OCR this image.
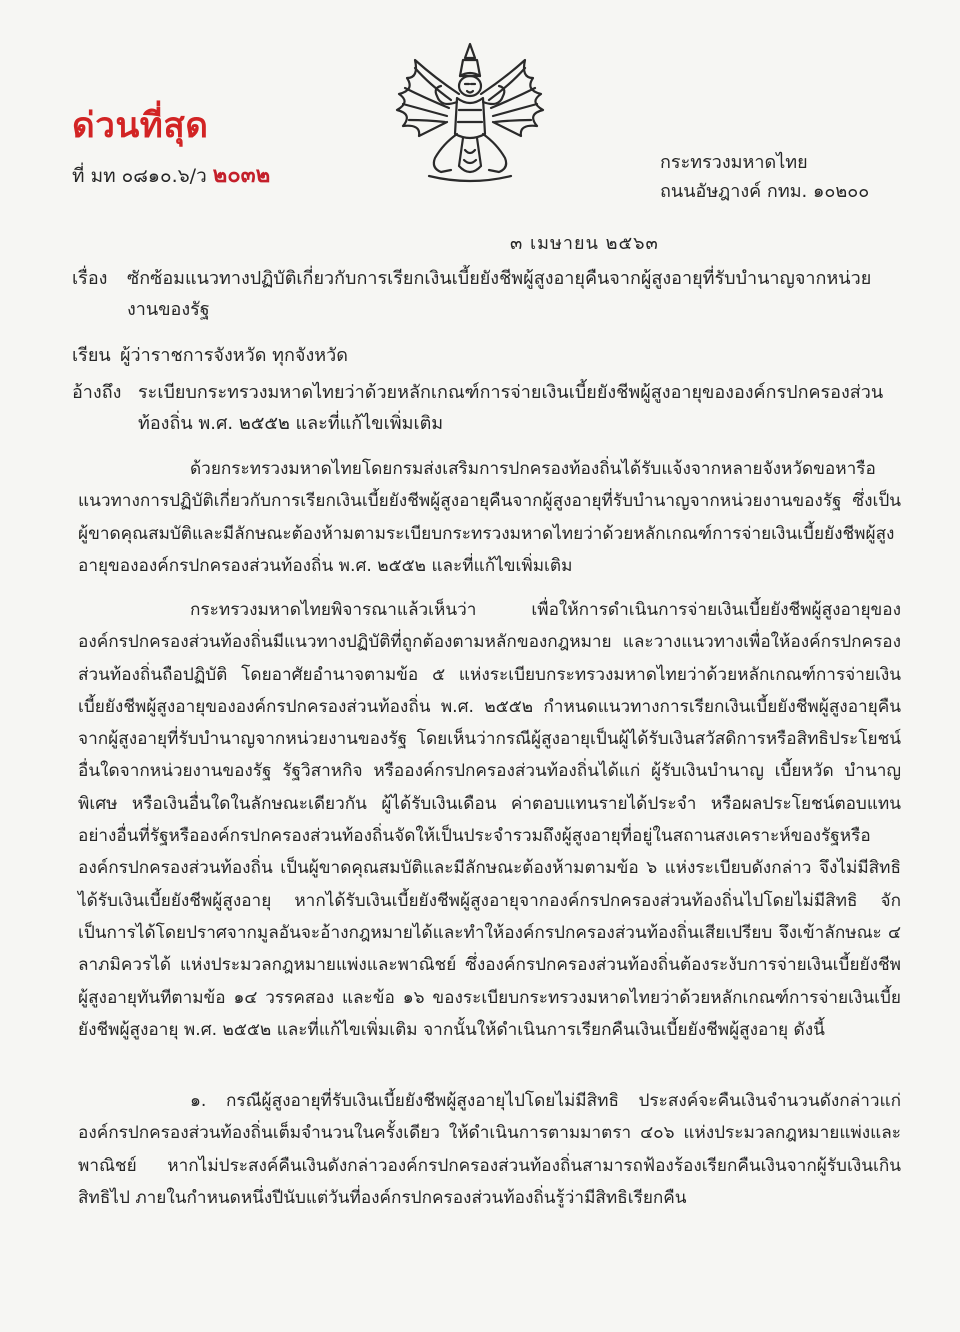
ด่วนที่สุด
ที่ มท ๐๘๑๐.๖/ว ๒๐๓๒
กระทรวงมหาดไทย
ถนนอัษฎางค์ กทม. ๑๐๒๐๐
๓ เมษายน ๒๕๖๓
เรื่อง ซักซ้อมแนวทางปฏิบัติเกี่ยวกับการเรียกเงินเบี้ยยังชีพผู้สูงอายุคืนจากผู้สูงอายุที่รับบำนาญจากหน่วยงานของรัฐ
เรียน ผู้ว่าราชการจังหวัด ทุกจังหวัด
อ้างถึง ระเบียบกระทรวงมหาดไทยว่าด้วยหลักเกณฑ์การจ่ายเงินเบี้ยยังชีพผู้สูงอายุขององค์กรปกครองส่วนท้องถิ่น พ.ศ. ๒๕๕๒ และที่แก้ไขเพิ่มเติม
ด้วยกระทรวงมหาดไทยโดยกรมส่งเสริมการปกครองท้องถิ่นได้รับแจ้งจากหลายจังหวัดขอหารือแนวทางการปฏิบัติเกี่ยวกับการเรียกเงินเบี้ยยังชีพผู้สูงอายุคืนจากผู้สูงอายุที่รับบำนาญจากหน่วยงานของรัฐ ซึ่งเป็นผู้ขาดคุณสมบัติและมีลักษณะต้องห้ามตามระเบียบกระทรวงมหาดไทยว่าด้วยหลักเกณฑ์การจ่ายเงินเบี้ยยังชีพผู้สูงอายุขององค์กรปกครองส่วนท้องถิ่น พ.ศ. ๒๕๕๒ และที่แก้ไขเพิ่มเติม
กระทรวงมหาดไทยพิจารณาแล้วเห็นว่า เพื่อให้การดำเนินการจ่ายเงินเบี้ยยังชีพผู้สูงอายุขององค์กรปกครองส่วนท้องถิ่นมีแนวทางปฏิบัติที่ถูกต้องตามหลักของกฎหมาย และวางแนวทางเพื่อให้องค์กรปกครองส่วนท้องถิ่นถือปฏิบัติ โดยอาศัยอำนาจตามข้อ ๕ แห่งระเบียบกระทรวงมหาดไทยว่าด้วยหลักเกณฑ์การจ่ายเงินเบี้ยยังชีพผู้สูงอายุขององค์กรปกครองส่วนท้องถิ่น พ.ศ. ๒๕๕๒ กำหนดแนวทางการเรียกเงินเบี้ยยังชีพผู้สูงอายุคืนจากผู้สูงอายุที่รับบำนาญจากหน่วยงานของรัฐ โดยเห็นว่ากรณีผู้สูงอายุเป็นผู้ได้รับเงินสวัสดิการหรือสิทธิประโยชน์อื่นใดจากหน่วยงานของรัฐ รัฐวิสาหกิจ หรือองค์กรปกครองส่วนท้องถิ่นได้แก่ ผู้รับเงินบำนาญ เบี้ยหวัด บำนาญพิเศษ หรือเงินอื่นใดในลักษณะเดียวกัน ผู้ได้รับเงินเดือน ค่าตอบแทนรายได้ประจำ หรือผลประโยชน์ตอบแทนอย่างอื่นที่รัฐหรือองค์กรปกครองส่วนท้องถิ่นจัดให้เป็นประจำรวมถึงผู้สูงอายุที่อยู่ในสถานสงเคราะห์ของรัฐหรือองค์กรปกครองส่วนท้องถิ่น เป็นผู้ขาดคุณสมบัติและมีลักษณะต้องห้ามตามข้อ ๖ แห่งระเบียบดังกล่าว จึงไม่มีสิทธิได้รับเงินเบี้ยยังชีพผู้สูงอายุ หากได้รับเงินเบี้ยยังชีพผู้สูงอายุจากองค์กรปกครองส่วนท้องถิ่นไปโดยไม่มีสิทธิ จักเป็นการได้โดยปราศจากมูลอันจะอ้างกฎหมายได้และทำให้องค์กรปกครองส่วนท้องถิ่นเสียเปรียบ จึงเข้าลักษณะ ๔ ลาภมิควรได้ แห่งประมวลกฎหมายแพ่งและพาณิชย์ ซึ่งองค์กรปกครองส่วนท้องถิ่นต้องระงับการจ่ายเงินเบี้ยยังชีพผู้สูงอายุทันทีตามข้อ ๑๔ วรรคสอง และข้อ ๑๖ ของระเบียบกระทรวงมหาดไทยว่าด้วยหลักเกณฑ์การจ่ายเงินเบี้ยยังชีพผู้สูงอายุ พ.ศ. ๒๕๕๒ และที่แก้ไขเพิ่มเติม จากนั้นให้ดำเนินการเรียกคืนเงินเบี้ยยังชีพผู้สูงอายุ ดังนี้
๑. กรณีผู้สูงอายุที่รับเงินเบี้ยยังชีพผู้สูงอายุไปโดยไม่มีสิทธิ ประสงค์จะคืนเงินจำนวนดังกล่าวแก่องค์กรปกครองส่วนท้องถิ่นเต็มจำนวนในครั้งเดียว ให้ดำเนินการตามมาตรา ๔๐๖ แห่งประมวลกฎหมายแพ่งและพาณิชย์ หากไม่ประสงค์คืนเงินดังกล่าวองค์กรปกครองส่วนท้องถิ่นสามารถฟ้องร้องเรียกคืนเงินจากผู้รับเงินเกินสิทธิไป ภายในกำหนดหนึ่งปีนับแต่วันที่องค์กรปกครองส่วนท้องถิ่นรู้ว่ามีสิทธิเรียกคืน
